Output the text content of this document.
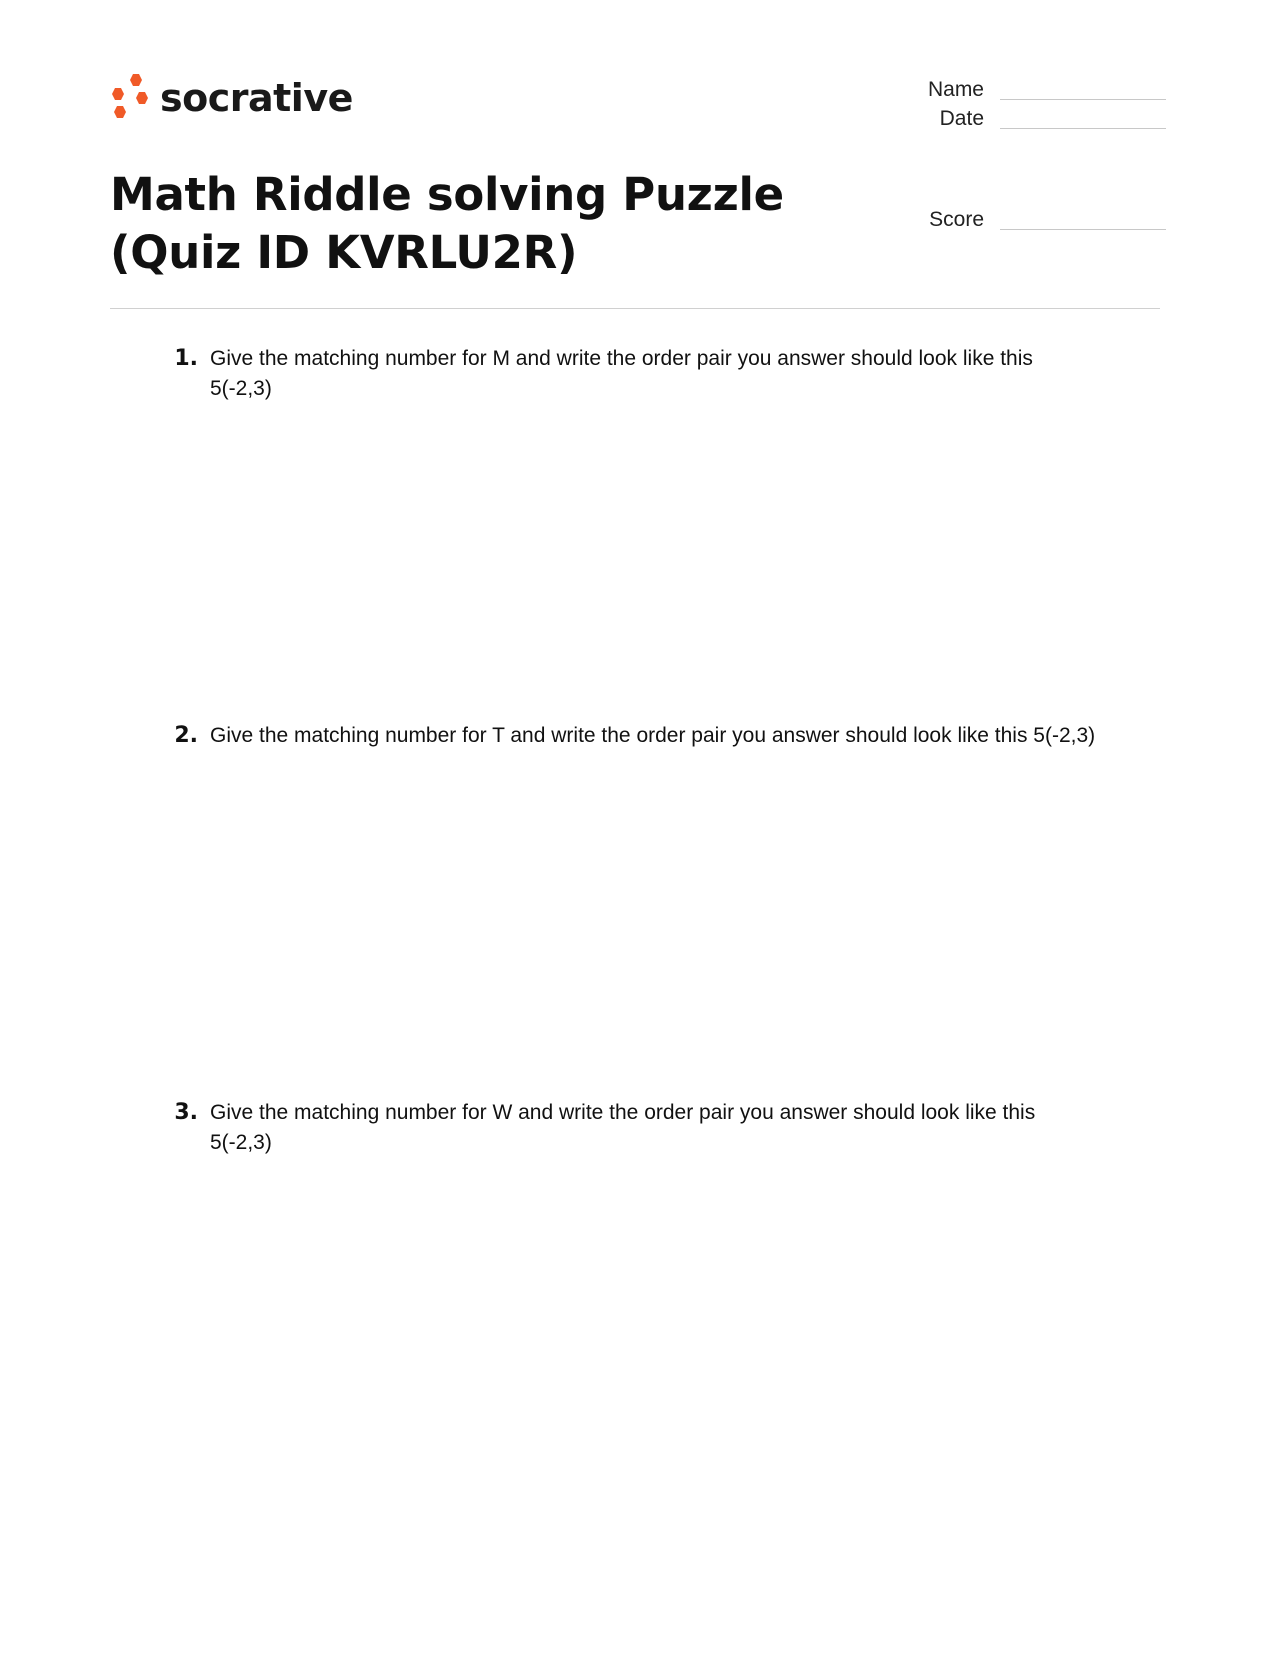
socrative	Name
Date
Score
Math Riddle solving Puzzle (Quiz ID KVRLU2R)
1. Give the matching number for M and write the order pair you answer should look like this 5(-2,3)
2. Give the matching number for T and write the order pair you answer should look like this 5(-2,3)
3. Give the matching number for W and write the order pair you answer should look like this 5(-2,3)
